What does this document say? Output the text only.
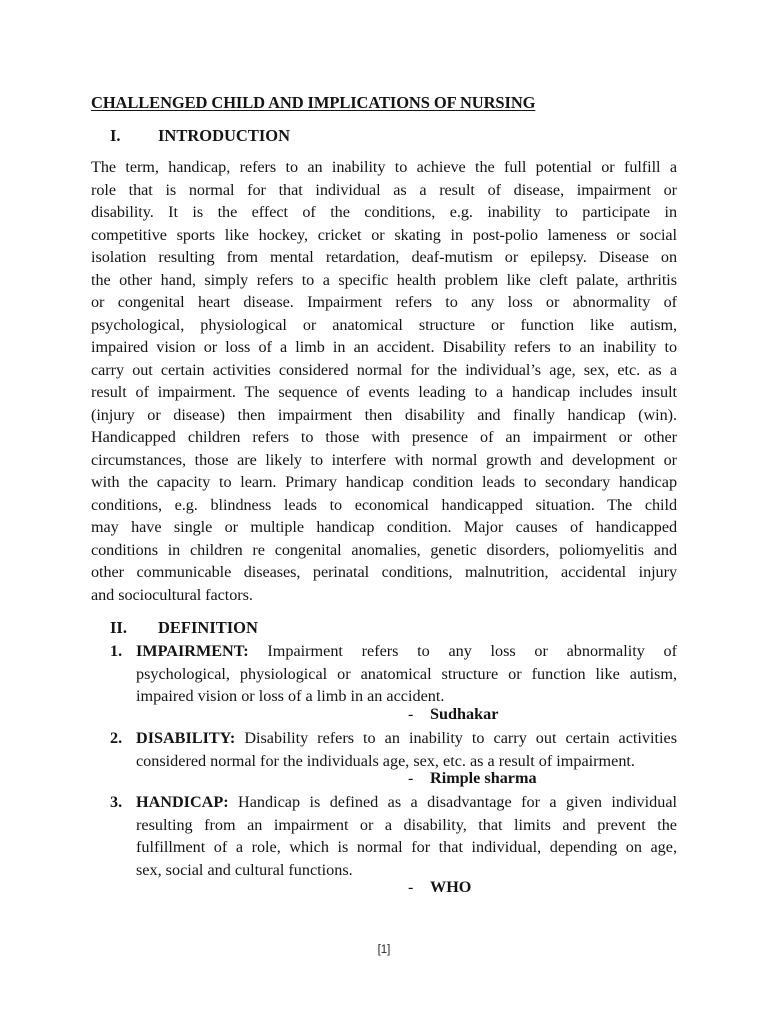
CHALLENGED CHILD AND IMPLICATIONS OF NURSING
I. INTRODUCTION
The term, handicap, refers to an inability to achieve the full potential or fulfill a
role that is normal for that individual as a result of disease, impairment or
disability. It is the effect of the conditions, e.g. inability to participate in
competitive sports like hockey, cricket or skating in post-polio lameness or social
isolation resulting from mental retardation, deaf-mutism or epilepsy. Disease on
the other hand, simply refers to a specific health problem like cleft palate, arthritis
or congenital heart disease. Impairment refers to any loss or abnormality of
psychological, physiological or anatomical structure or function like autism,
impaired vision or loss of a limb in an accident. Disability refers to an inability to
carry out certain activities considered normal for the individual’s age, sex, etc. as a
result of impairment. The sequence of events leading to a handicap includes insult
(injury or disease) then impairment then disability and finally handicap (win).
Handicapped children refers to those with presence of an impairment or other
circumstances, those are likely to interfere with normal growth and development or
with the capacity to learn. Primary handicap condition leads to secondary handicap
conditions, e.g. blindness leads to economical handicapped situation. The child
may have single or multiple handicap condition. Major causes of handicapped
conditions in children re congenital anomalies, genetic disorders, poliomyelitis and
other communicable diseases, perinatal conditions, malnutrition, accidental injury
and sociocultural factors.
II. DEFINITION
1. IMPAIRMENT: Impairment refers to any loss or abnormality of
psychological, physiological or anatomical structure or function like autism,
impaired vision or loss of a limb in an accident.
- Sudhakar
2. DISABILITY: Disability refers to an inability to carry out certain activities
considered normal for the individuals age, sex, etc. as a result of impairment.
- Rimple sharma
3. HANDICAP: Handicap is defined as a disadvantage for a given individual
resulting from an impairment or a disability, that limits and prevent the
fulfillment of a role, which is normal for that individual, depending on age,
sex, social and cultural functions.
- WHO
[1]
